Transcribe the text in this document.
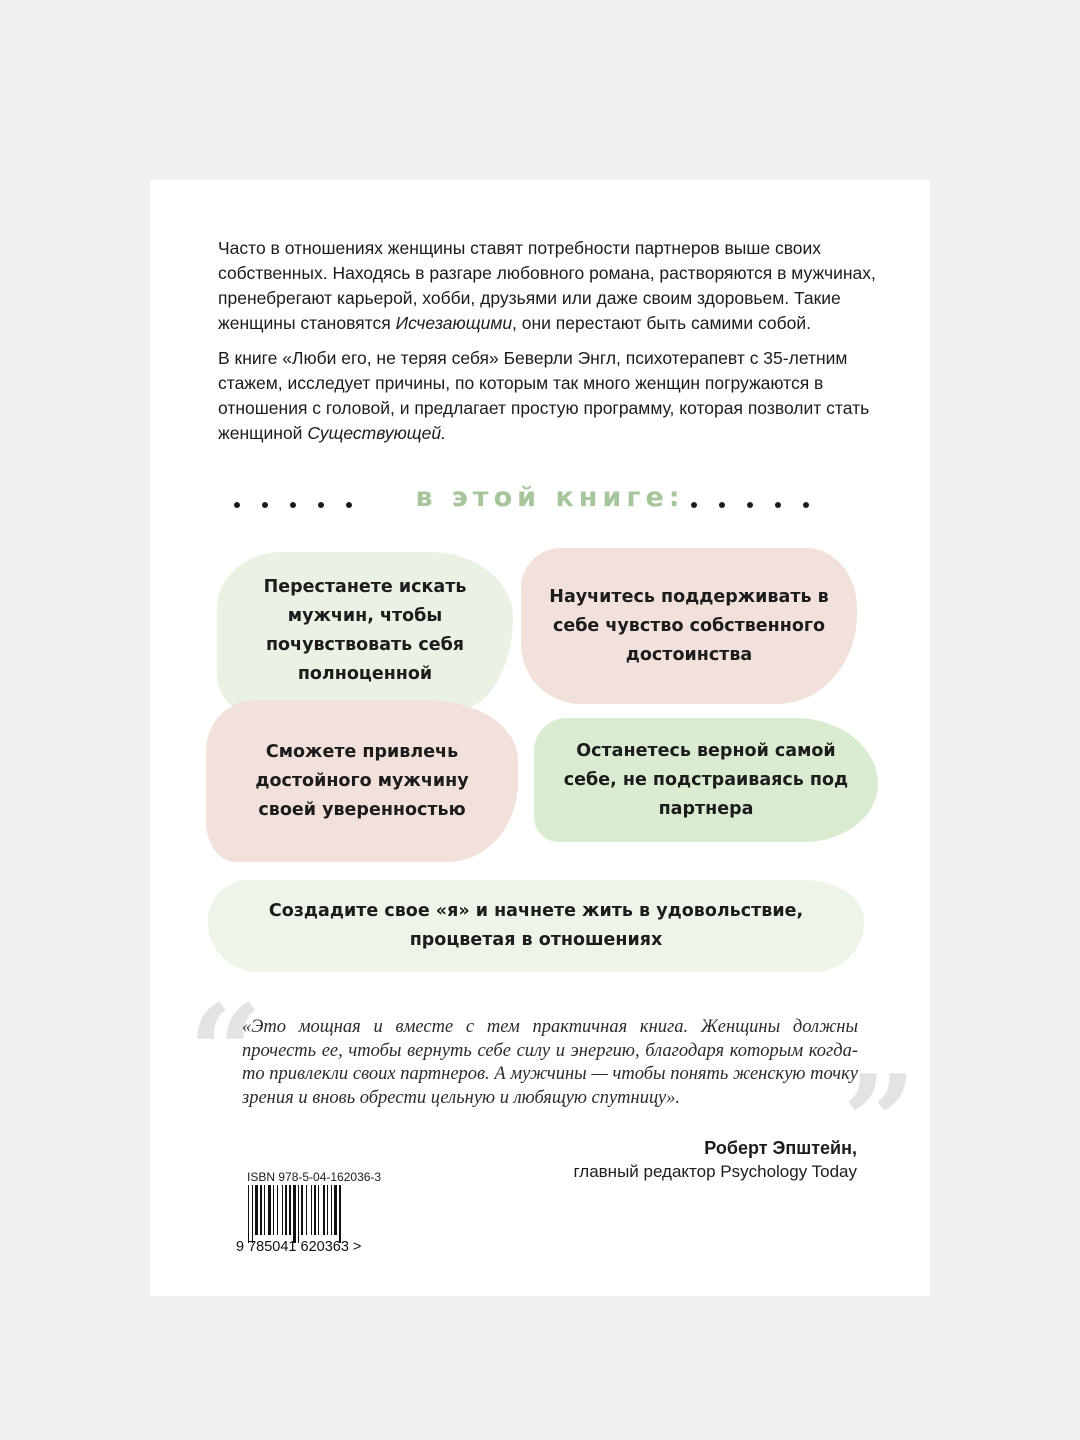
Часто в отношениях женщины ставят потребности партнеров выше своих собственных. Находясь в разгаре любовного романа, растворяются в мужчинах, пренебрегают карьерой, хобби, друзьями или даже своим здоровьем. Такие женщины становятся Исчезающими, они перестают быть самими собой.

В книге «Люби его, не теряя себя» Беверли Энгл, психотерапевт с 35-летним стажем, исследует причины, по которым так много женщин погружаются в отношения с головой, и предлагает простую программу, которая позволит стать женщиной Существующей.

в этой книге:
Перестанете искать мужчин, чтобы почувствовать себя полноценной
Научитесь поддерживать в себе чувство собственного достоинства
Сможете привлечь достойного мужчину своей уверенностью
Останетесь верной самой себе, не подстраиваясь под партнера
Создадите свое «я» и начнете жить в удовольствие, процветая в отношениях
“	”
«Это мощная и вместе с тем практичная книга. Женщины должны прочесть ее, чтобы вернуть себе силу и энергию, благодаря которым когда-то привлекли своих партнеров. А мужчины — чтобы понять женскую точку зрения и вновь обрести цельную и любящую спутницу».
Роберт Эпштейн,
главный редактор Psychology Today
ISBN 978-5-04-162036-3
9 785041 620363 >
